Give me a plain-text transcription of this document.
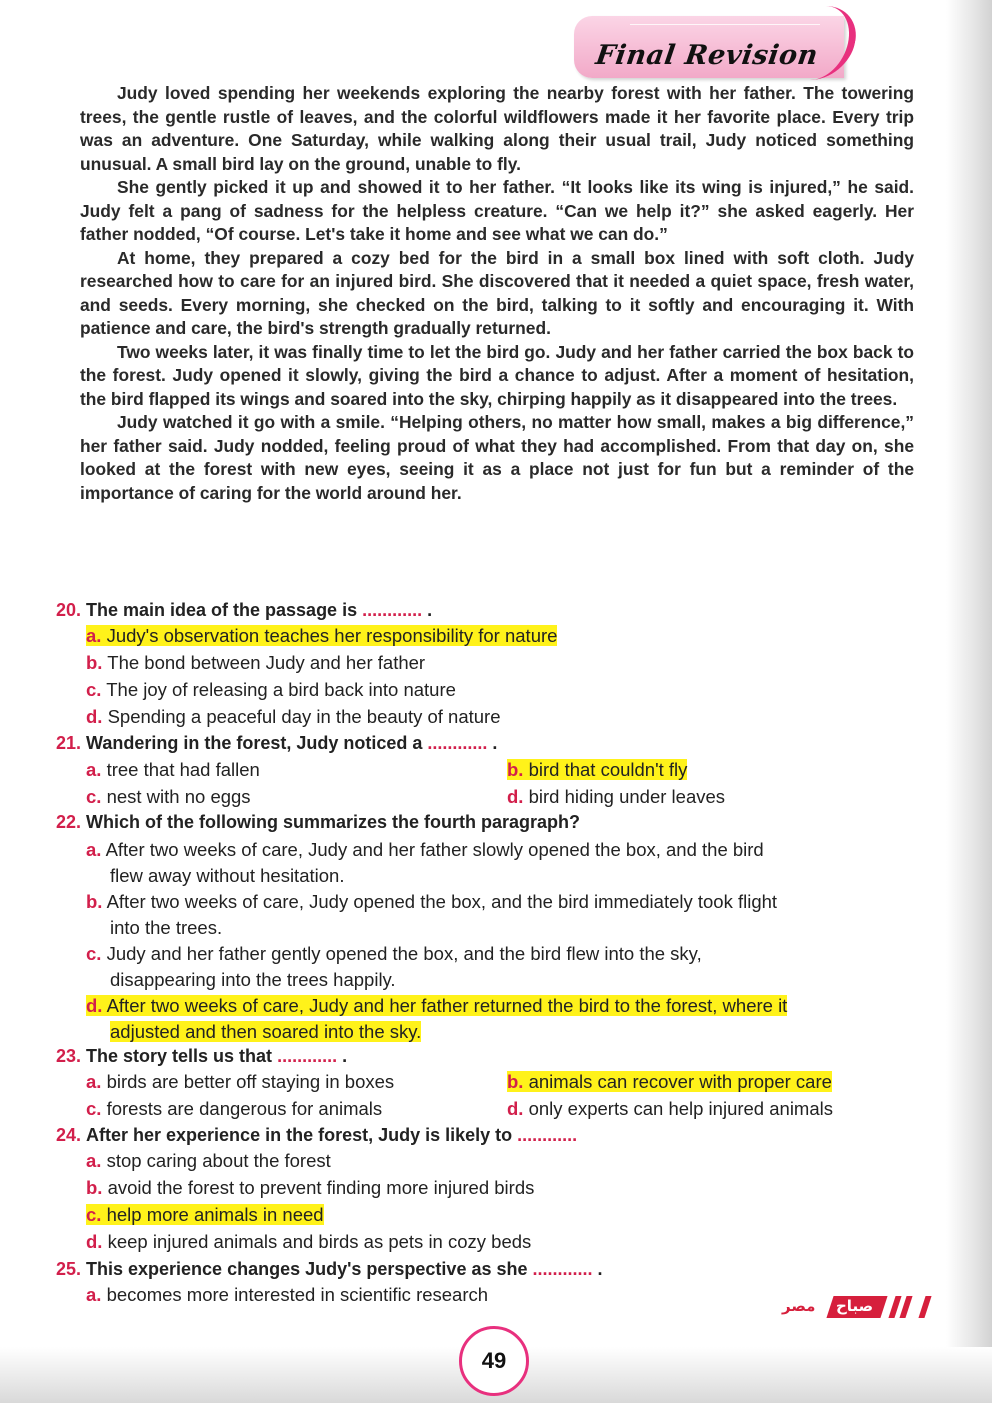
Final Revision

Judy loved spending her weekends exploring the nearby forest with her father. The towering trees, the gentle rustle of leaves, and the colorful wildflowers made it her favorite place. Every trip was an adventure. One Saturday, while walking along their usual trail, Judy noticed something unusual. A small bird lay on the ground, unable to fly.

She gently picked it up and showed it to her father. “It looks like its wing is injured,” he said. Judy felt a pang of sadness for the helpless creature. “Can we help it?” she asked eagerly. Her father nodded, “Of course. Let's take it home and see what we can do.”

At home, they prepared a cozy bed for the bird in a small box lined with soft cloth. Judy researched how to care for an injured bird. She discovered that it needed a quiet space, fresh water, and seeds. Every morning, she checked on the bird, talking to it softly and encouraging it. With patience and care, the bird's strength gradually returned.

Two weeks later, it was finally time to let the bird go. Judy and her father carried the box back to the forest. Judy opened it slowly, giving the bird a chance to adjust. After a moment of hesitation, the bird flapped its wings and soared into the sky, chirping happily as it disappeared into the trees.

Judy watched it go with a smile. “Helping others, no matter how small, makes a big difference,” her father said. Judy nodded, feeling proud of what they had accomplished. From that day on, she looked at the forest with new eyes, seeing it as a place not just for fun but a reminder of the importance of caring for the world around her.

20. The main idea of the passage is ............ .
a. Judy's observation teaches her responsibility for nature
b. The bond between Judy and her father
c. The joy of releasing a bird back into nature
d. Spending a peaceful day in the beauty of nature
21. Wandering in the forest, Judy noticed a ............ .
a. tree that had fallen	b. bird that couldn't fly
c. nest with no eggs	d. bird hiding under leaves
22. Which of the following summarizes the fourth paragraph?
a. After two weeks of care, Judy and her father slowly opened the box, and the bird
flew away without hesitation.
b. After two weeks of care, Judy opened the box, and the bird immediately took flight
into the trees.
c. Judy and her father gently opened the box, and the bird flew into the sky,
disappearing into the trees happily.
d. After two weeks of care, Judy and her father returned the bird to the forest, where it
adjusted and then soared into the sky.
23. The story tells us that ............ .
a. birds are better off staying in boxes	b. animals can recover with proper care
c. forests are dangerous for animals	d. only experts can help injured animals
24. After her experience in the forest, Judy is likely to ............
a. stop caring about the forest
b. avoid the forest to prevent finding more injured birds
c. help more animals in need
d. keep injured animals and birds as pets in cozy beds
25. This experience changes Judy's perspective as she ............ .
a. becomes more interested in scientific research
مصر صباح
49
